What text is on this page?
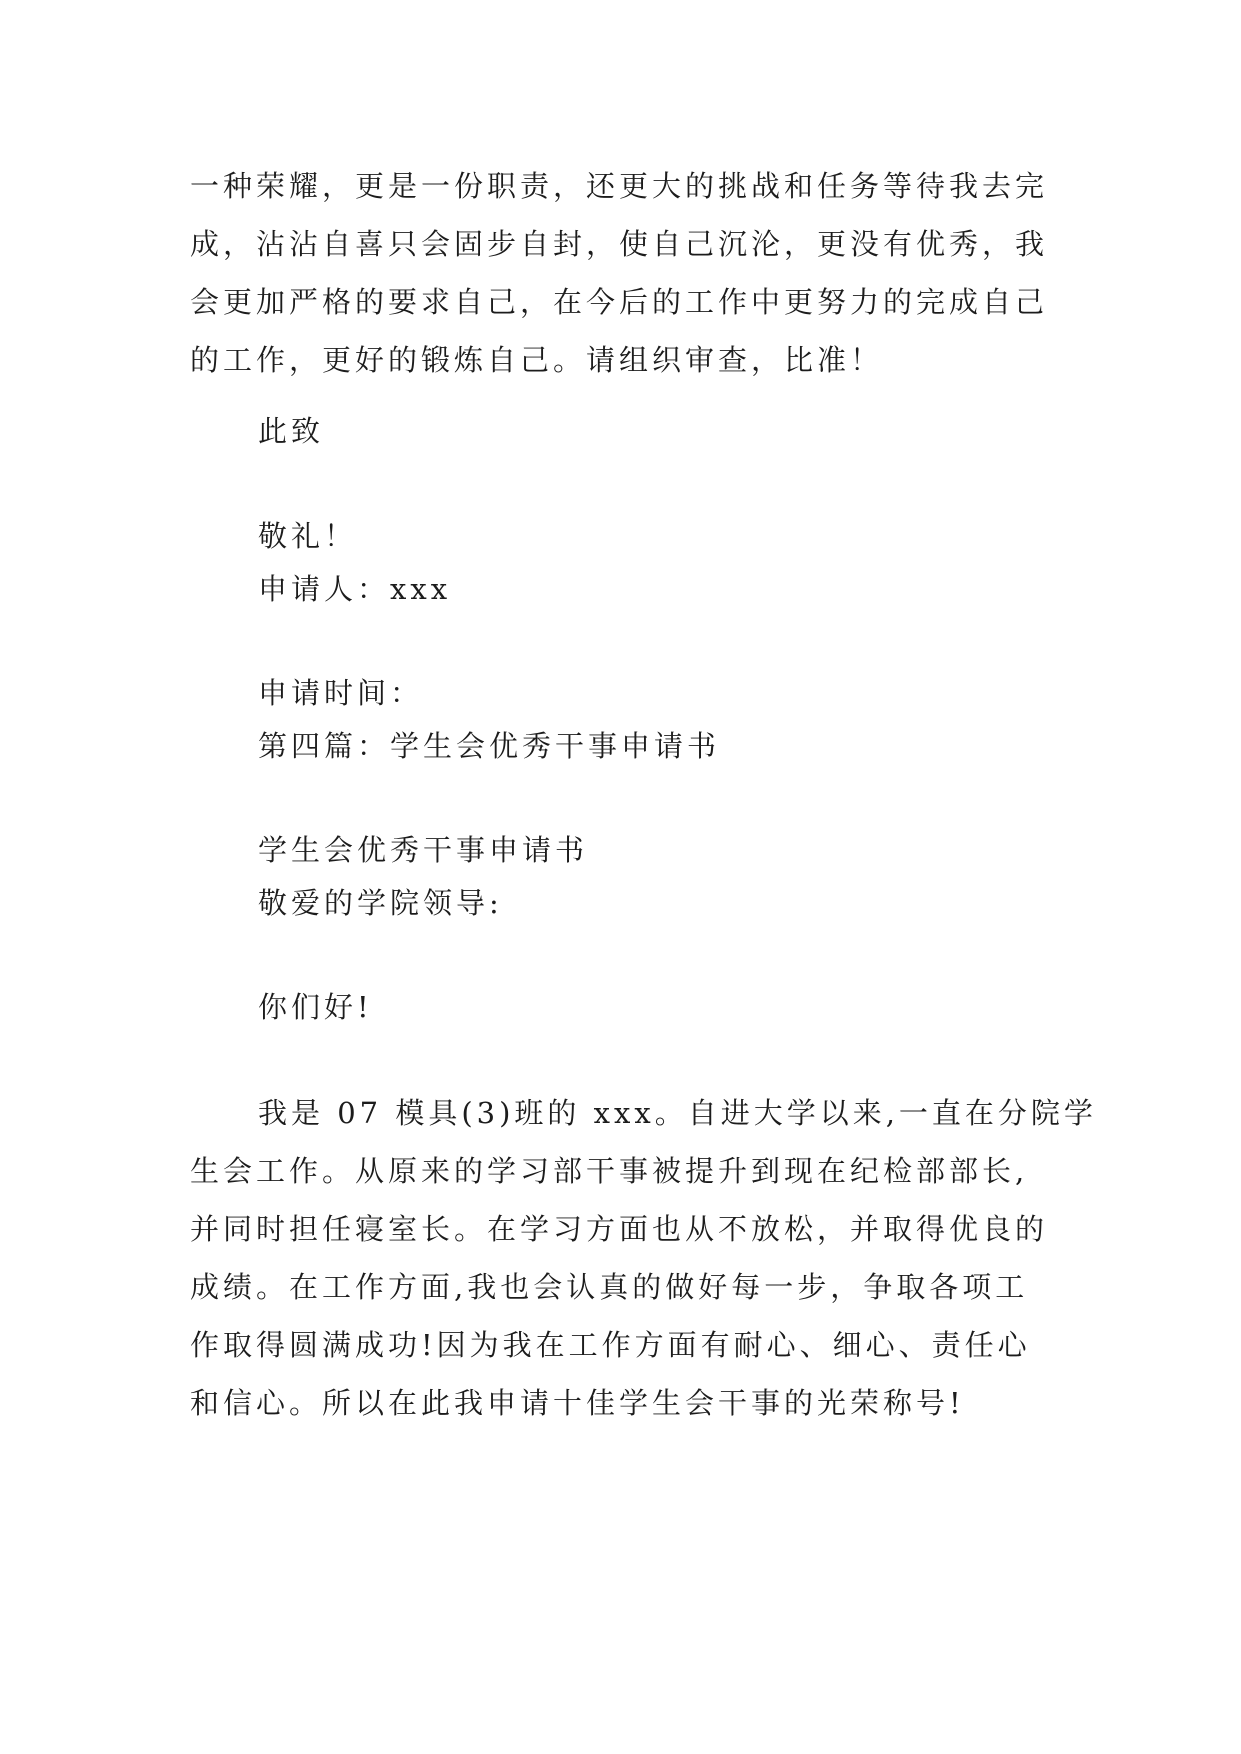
一种荣耀，更是一份职责，还更大的挑战和任务等待我去完
成，沾沾自喜只会固步自封，使自己沉沦，更没有优秀，我
会更加严格的要求自己，在今后的工作中更努力的完成自己
的工作，更好的锻炼自己。请组织审查，比准！
此致
敬礼！
申请人：xxx
申请时间：
第四篇：学生会优秀干事申请书
学生会优秀干事申请书
敬爱的学院领导:
你们好!
我是 07 模具(3)班的 xxx。自进大学以来,一直在分院学
生会工作。从原来的学习部干事被提升到现在纪检部部长,
并同时担任寝室长。在学习方面也从不放松，并取得优良的
成绩。在工作方面,我也会认真的做好每一步，争取各项工
作取得圆满成功!因为我在工作方面有耐心、细心、责任心
和信心。所以在此我申请十佳学生会干事的光荣称号!
